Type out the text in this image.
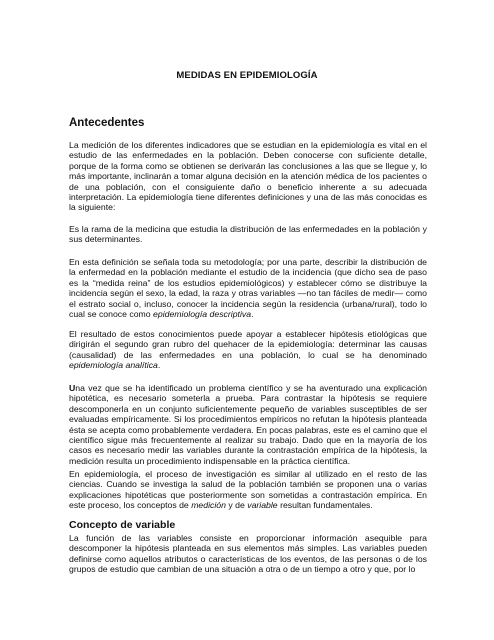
MEDIDAS EN EPIDEMIOLOGÍA
Antecedentes
La medición de los diferentes indicadores que se estudian en la epidemiología es vital en el estudio de las enfermedades en la población. Deben conocerse con suficiente detalle, porque de la forma como se obtienen se derivarán las conclusiones a las que se llegue y, lo más importante, inclinarán a tomar alguna decisión en la atención médica de los pacientes o de una población, con el consiguiente daño o beneficio inherente a su adecuada interpretación. La epidemiología tiene diferentes definiciones y una de las más conocidas es la siguiente:
Es la rama de la medicina que estudia la distribución de las enfermedades en la población y sus determinantes.
En esta definición se señala toda su metodología; por una parte, describir la distribución de la enfermedad en la población mediante el estudio de la incidencia (que dicho sea de paso es la “medida reina” de los estudios epidemiológicos) y establecer cómo se distribuye la incidencia según el sexo, la edad, la raza y otras variables —no tan fáciles de medir— como el estrato social o, incluso, conocer la incidencia según la residencia (urbana/rural), todo lo cual se conoce como epidemiología descriptiva.
El resultado de estos conocimientos puede apoyar a establecer hipótesis etiológicas que dirigirán el segundo gran rubro del quehacer de la epidemiología: determinar las causas (causalidad) de las enfermedades en una población, lo cual se ha denominado epidemiología analítica.
Una vez que se ha identificado un problema científico y se ha aventurado una explicación hipotética, es necesario someterla a prueba. Para contrastar la hipótesis se requiere descomponerla en un conjunto suficientemente pequeño de variables susceptibles de ser evaluadas empíricamente. Si los procedimientos empíricos no refutan la hipótesis planteada ésta se acepta como probablemente verdadera. En pocas palabras, este es el camino que el científico sigue más frecuentemente al realizar su trabajo. Dado que en la mayoría de los casos es necesario medir las variables durante la contrastación empírica de la hipótesis, la medición resulta un procedimiento indispensable en la práctica científica.
En epidemiología, el proceso de investigación es similar al utilizado en el resto de las ciencias. Cuando se investiga la salud de la población también se proponen una o varias explicaciones hipotéticas que posteriormente son sometidas a contrastación empírica. En este proceso, los conceptos de medición y de variable resultan fundamentales.
Concepto de variable
La función de las variables consiste en proporcionar información asequible para descomponer la hipótesis planteada en sus elementos más simples. Las variables pueden definirse como aquellos atributos o características de los eventos, de las personas o de los grupos de estudio que cambian de una situación a otra o de un tiempo a otro y que, por lo
